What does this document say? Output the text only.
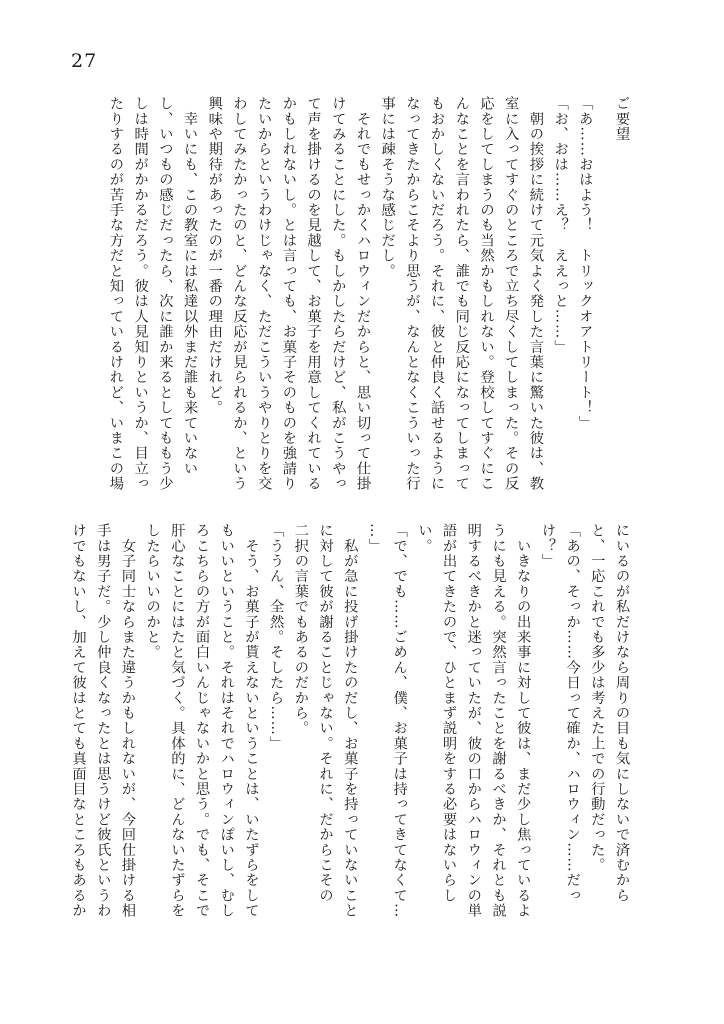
27
ご要望
「あ……おはよう！　トリックオアトリート！」
「お、おは……え？　ええっと……」
　朝の挨拶に続けて元気よく発した言葉に驚いた彼は、教
室に入ってすぐのところで立ち尽くしてしまった。その反
応をしてしまうのも当然かもしれない。登校してすぐにこ
んなことを言われたら、誰でも同じ反応になってしまって
もおかしくないだろう。それに、彼と仲良く話せるように
なってきたからこそより思うが、なんとなくこういった行
事には疎そうな感じだし。
　それでもせっかくハロウィンだからと、思い切って仕掛
けてみることにした。もしかしたらだけど、私がこうやっ
て声を掛けるのを見越して、お菓子を用意してくれている
かもしれないし。とは言っても、お菓子そのものを強請り
たいからというわけじゃなく、ただこういうやりとりを交
わしてみたかったのと、どんな反応が見られるか、という
興味や期待があったのが一番の理由だけれど。
　幸いにも、この教室には私達以外まだ誰も来ていない
し、いつもの感じだったら、次に誰か来るとしてももう少
しは時間がかかるだろう。彼は人見知りというか、目立っ
たりするのが苦手な方だと知っているけれど、いまこの場
にいるのが私だけなら周りの目も気にしないで済むから
と、一応これでも多少は考えた上での行動だった。
「あの、そっか……今日って確か、ハロウィン……だっ
け？」
　いきなりの出来事に対して彼は、まだ少し焦っているよ
うにも見える。突然言ったことを謝るべきか、それとも説
明するべきかと迷っていたが、彼の口からハロウィンの単
語が出てきたので、ひとまず説明をする必要はないらし
い。
「で、でも……ごめん、僕、お菓子は持ってきてなくて…
…」
　私が急に投げ掛けたのだし、お菓子を持っていないこと
に対して彼が謝ることじゃない。それに、だからこその
二択の言葉でもあるのだから。
「ううん、全然。そしたら……」
　そう、お菓子が貰えないということは、いたずらをして
もいいということ。それはそれでハロウィンぽいし、むし
ろこちらの方が面白いんじゃないかと思う。でも、そこで
肝心なことにはたと気づく。具体的に、どんないたずらを
したらいいのかと。
　女子同士ならまた違うかもしれないが、今回仕掛ける相
手は男子だ。少し仲良くなったとは思うけど彼氏というわ
けでもないし、加えて彼はとても真面目なところもあるか
